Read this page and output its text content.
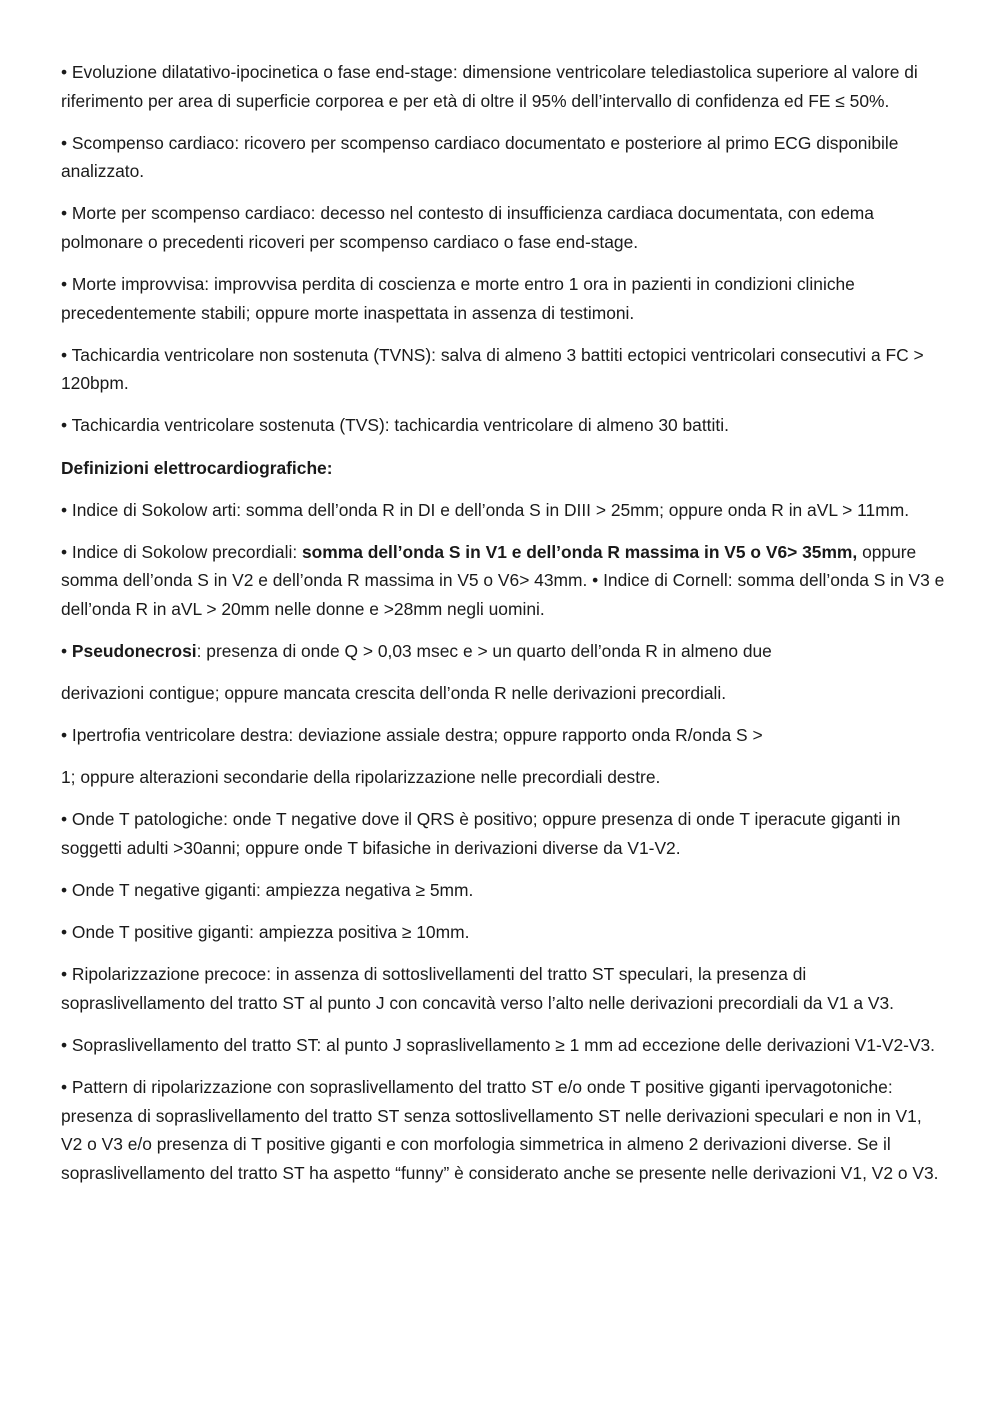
• Evoluzione dilatativo-ipocinetica o fase end-stage: dimensione ventricolare telediastolica superiore al valore di riferimento per area di superficie corporea e per età di oltre il 95% dell’intervallo di confidenza ed FE ≤ 50%.

• Scompenso cardiaco: ricovero per scompenso cardiaco documentato e posteriore al primo ECG disponibile analizzato.

• Morte per scompenso cardiaco: decesso nel contesto di insufficienza cardiaca documentata, con edema polmonare o precedenti ricoveri per scompenso cardiaco o fase end-stage.

• Morte improvvisa: improvvisa perdita di coscienza e morte entro 1 ora in pazienti in condizioni cliniche precedentemente stabili; oppure morte inaspettata in assenza di testimoni.

• Tachicardia ventricolare non sostenuta (TVNS): salva di almeno 3 battiti ectopici ventricolari consecutivi a FC > 120bpm.

• Tachicardia ventricolare sostenuta (TVS): tachicardia ventricolare di almeno 30 battiti.

Definizioni elettrocardiografiche:

• Indice di Sokolow arti: somma dell’onda R in DI e dell’onda S in DIII > 25mm; oppure onda R in aVL > 11mm.

• Indice di Sokolow precordiali: somma dell’onda S in V1 e dell’onda R massima in V5 o V6> 35mm, oppure somma dell’onda S in V2 e dell’onda R massima in V5 o V6> 43mm. • Indice di Cornell: somma dell’onda S in V3 e dell’onda R in aVL > 20mm nelle donne e >28mm negli uomini.

• Pseudonecrosi: presenza di onde Q > 0,03 msec e > un quarto dell’onda R in almeno due

derivazioni contigue; oppure mancata crescita dell’onda R nelle derivazioni precordiali.

• Ipertrofia ventricolare destra: deviazione assiale destra; oppure rapporto onda R/onda S >

1; oppure alterazioni secondarie della ripolarizzazione nelle precordiali destre.

• Onde T patologiche: onde T negative dove il QRS è positivo; oppure presenza di onde T iperacute giganti in soggetti adulti >30anni; oppure onde T bifasiche in derivazioni diverse da V1-V2.

• Onde T negative giganti: ampiezza negativa ≥ 5mm.

• Onde T positive giganti: ampiezza positiva ≥ 10mm.

• Ripolarizzazione precoce: in assenza di sottoslivellamenti del tratto ST speculari, la presenza di sopraslivellamento del tratto ST al punto J con concavità verso l’alto nelle derivazioni precordiali da V1 a V3.

• Sopraslivellamento del tratto ST: al punto J sopraslivellamento ≥ 1 mm ad eccezione delle derivazioni V1-V2-V3.

• Pattern di ripolarizzazione con sopraslivellamento del tratto ST e/o onde T positive giganti ipervagotoniche: presenza di sopraslivellamento del tratto ST senza sottoslivellamento ST nelle derivazioni speculari e non in V1, V2 o V3 e/o presenza di T positive giganti e con morfologia simmetrica in almeno 2 derivazioni diverse. Se il sopraslivellamento del tratto ST ha aspetto “funny” è considerato anche se presente nelle derivazioni V1, V2 o V3.
